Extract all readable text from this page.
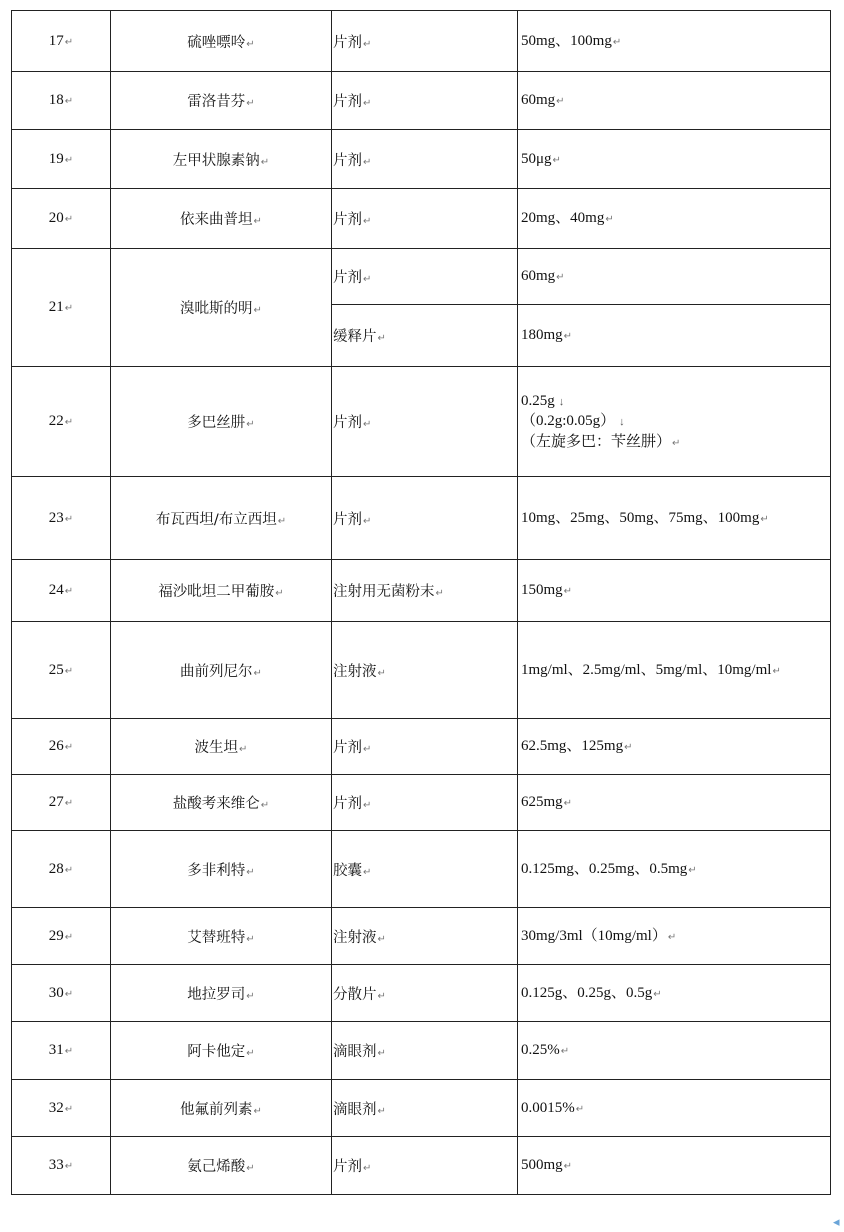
17↵	硫唑嘌呤↵	片剂↵	50mg、100mg↵

18↵	雷洛昔芬↵	片剂↵	60mg↵

19↵	左甲状腺素钠↵	片剂↵	50μg↵

20↵	依来曲普坦↵	片剂↵	20mg、40mg↵

21↵	溴吡斯的明↵	片剂↵	60mg↵

		缓释片↵	180mg↵

22↵	多巴丝肼↵	片剂↵	0.25g ↓
（0.2g:0.05g） ↓
（左旋多巴：苄丝肼）↵

23↵	布瓦西坦/布立西坦↵	片剂↵	10mg、25mg、50mg、75mg、100mg↵

24↵	福沙吡坦二甲葡胺↵	注射用无菌粉末↵	150mg↵

25↵	曲前列尼尔↵	注射液↵	1mg/ml、2.5mg/ml、5mg/ml、10mg/ml↵

26↵	波生坦↵	片剂↵	62.5mg、125mg↵

27↵	盐酸考来维仑↵	片剂↵	625mg↵

28↵	多非利特↵	胶囊↵	0.125mg、0.25mg、0.5mg↵

29↵	艾替班特↵	注射液↵	30mg/3ml（10mg/ml）↵

30↵	地拉罗司↵	分散片↵	0.125g、0.25g、0.5g↵

31↵	阿卡他定↵	滴眼剂↵	0.25%↵

32↵	他氟前列素↵	滴眼剂↵	0.0015%↵

33↵	氨己烯酸↵	片剂↵	500mg↵
◂
